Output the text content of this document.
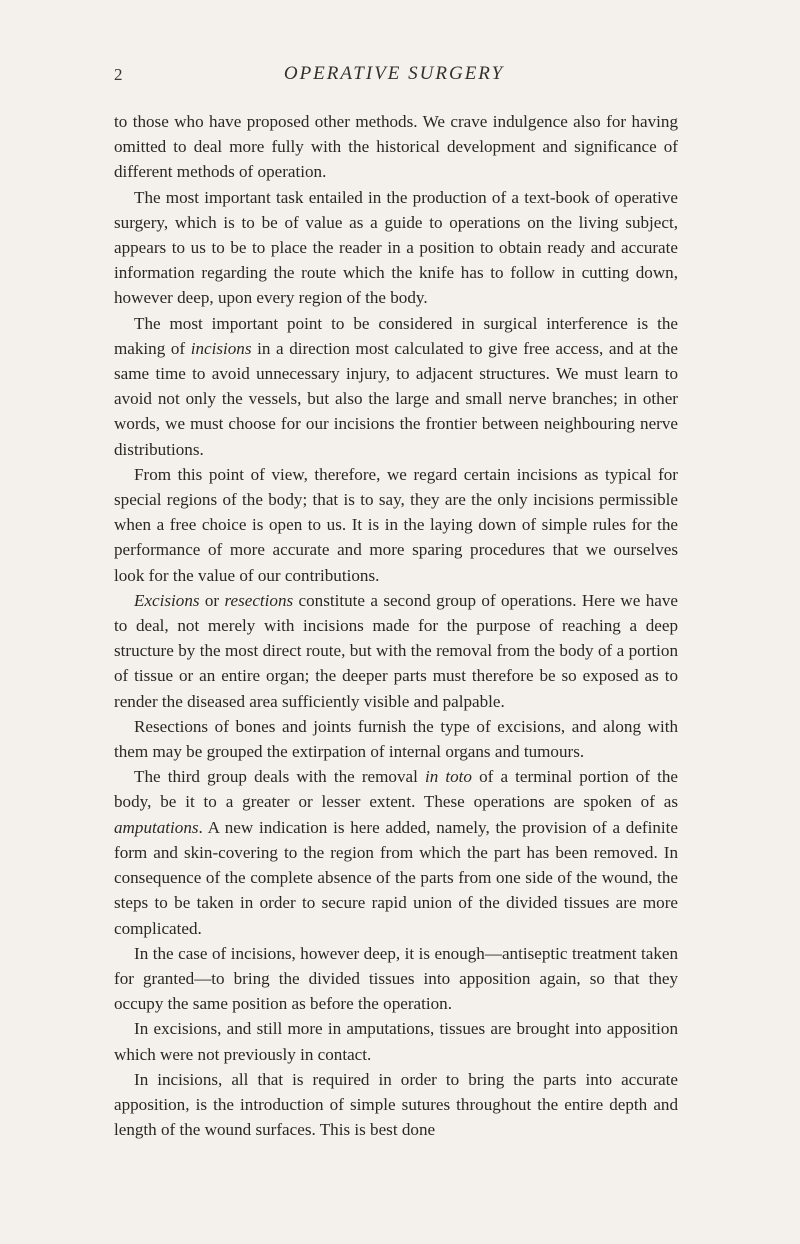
2	OPERATIVE SURGERY

to those who have proposed other methods. We crave indulgence also for having omitted to deal more fully with the historical development and significance of different methods of operation.

The most important task entailed in the production of a text-book of operative surgery, which is to be of value as a guide to operations on the living subject, appears to us to be to place the reader in a position to obtain ready and accurate information regarding the route which the knife has to follow in cutting down, however deep, upon every region of the body.

The most important point to be considered in surgical interference is the making of incisions in a direction most calculated to give free access, and at the same time to avoid unnecessary injury, to adjacent structures. We must learn to avoid not only the vessels, but also the large and small nerve branches; in other words, we must choose for our incisions the frontier between neighbouring nerve distributions.

From this point of view, therefore, we regard certain incisions as typical for special regions of the body; that is to say, they are the only incisions permissible when a free choice is open to us. It is in the laying down of simple rules for the performance of more accurate and more sparing procedures that we ourselves look for the value of our contributions.

Excisions or resections constitute a second group of operations. Here we have to deal, not merely with incisions made for the purpose of reaching a deep structure by the most direct route, but with the removal from the body of a portion of tissue or an entire organ; the deeper parts must therefore be so exposed as to render the diseased area sufficiently visible and palpable.

Resections of bones and joints furnish the type of excisions, and along with them may be grouped the extirpation of internal organs and tumours.

The third group deals with the removal in toto of a terminal portion of the body, be it to a greater or lesser extent. These operations are spoken of as amputations. A new indication is here added, namely, the provision of a definite form and skin-covering to the region from which the part has been removed. In consequence of the complete absence of the parts from one side of the wound, the steps to be taken in order to secure rapid union of the divided tissues are more complicated.

In the case of incisions, however deep, it is enough—antiseptic treatment taken for granted—to bring the divided tissues into apposition again, so that they occupy the same position as before the operation.

In excisions, and still more in amputations, tissues are brought into apposition which were not previously in contact.

In incisions, all that is required in order to bring the parts into accurate apposition, is the introduction of simple sutures throughout the entire depth and length of the wound surfaces. This is best done
